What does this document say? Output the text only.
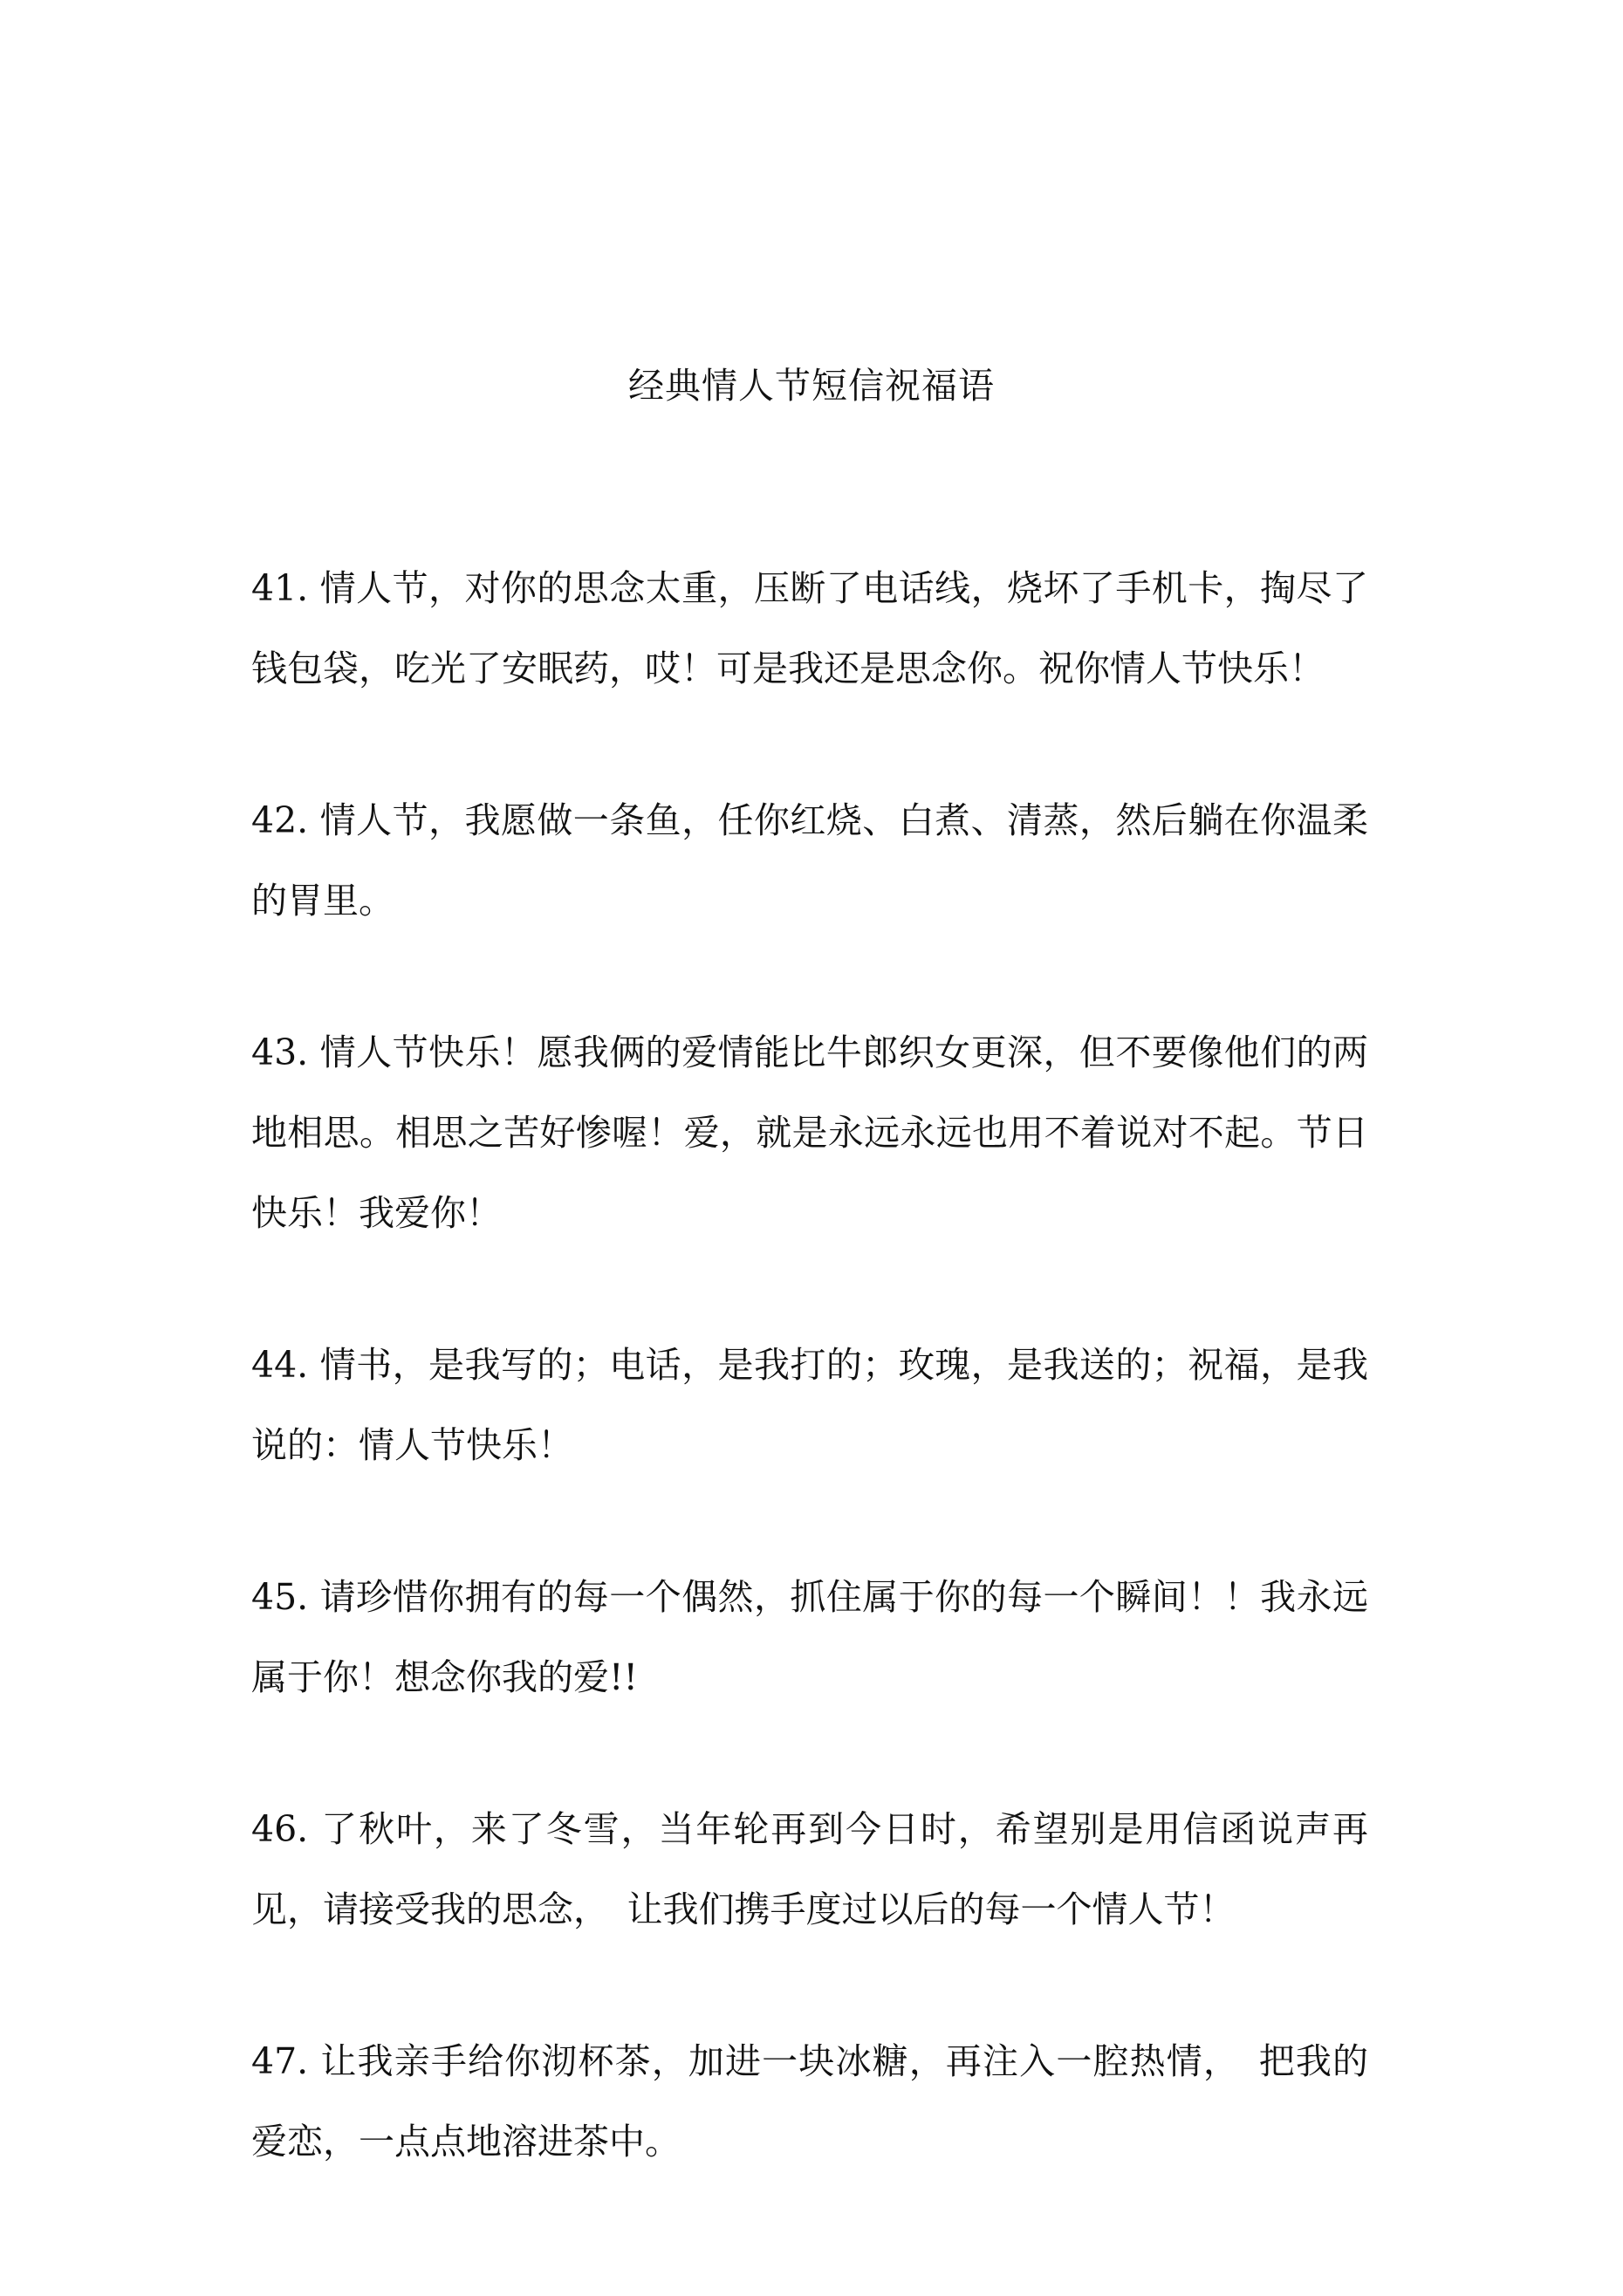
经典情人节短信祝福语

41. 情人节，对你的思念太重，压断了电话线，烧坏了手机卡，掏尽了钱包袋，吃光了安眠药，哎！可是我还是思念你。祝你情人节快乐！

42. 情人节，我愿做一条鱼，任你红烧、白煮、清蒸，然后躺在你温柔的胃里。

43. 情人节快乐！愿我俩的爱情能比牛郎织女更深，但不要像他们的两地相思。相思之苦好惨喔！爱，就是永远永远也用不着说对不起。节日快乐！我爱你！

44. 情书，是我写的；电话，是我打的；玫瑰，是我送的；祝福，是我说的：情人节快乐！

45. 请珍惜你拥有的每一个偶然，抓住属于你的每一个瞬间！！我永远属于你！想念你我的爱!!

46. 了秋叶，来了冬雪，当年轮再到今日时，希望别是用信函说声再见，请接受我的思念，　让我们携手度过以后的每一个情人节！

47. 让我亲手给你沏杯茶，加进一块冰糖，再注入一腔热情，　把我的爱恋，一点点地溶进茶中。
